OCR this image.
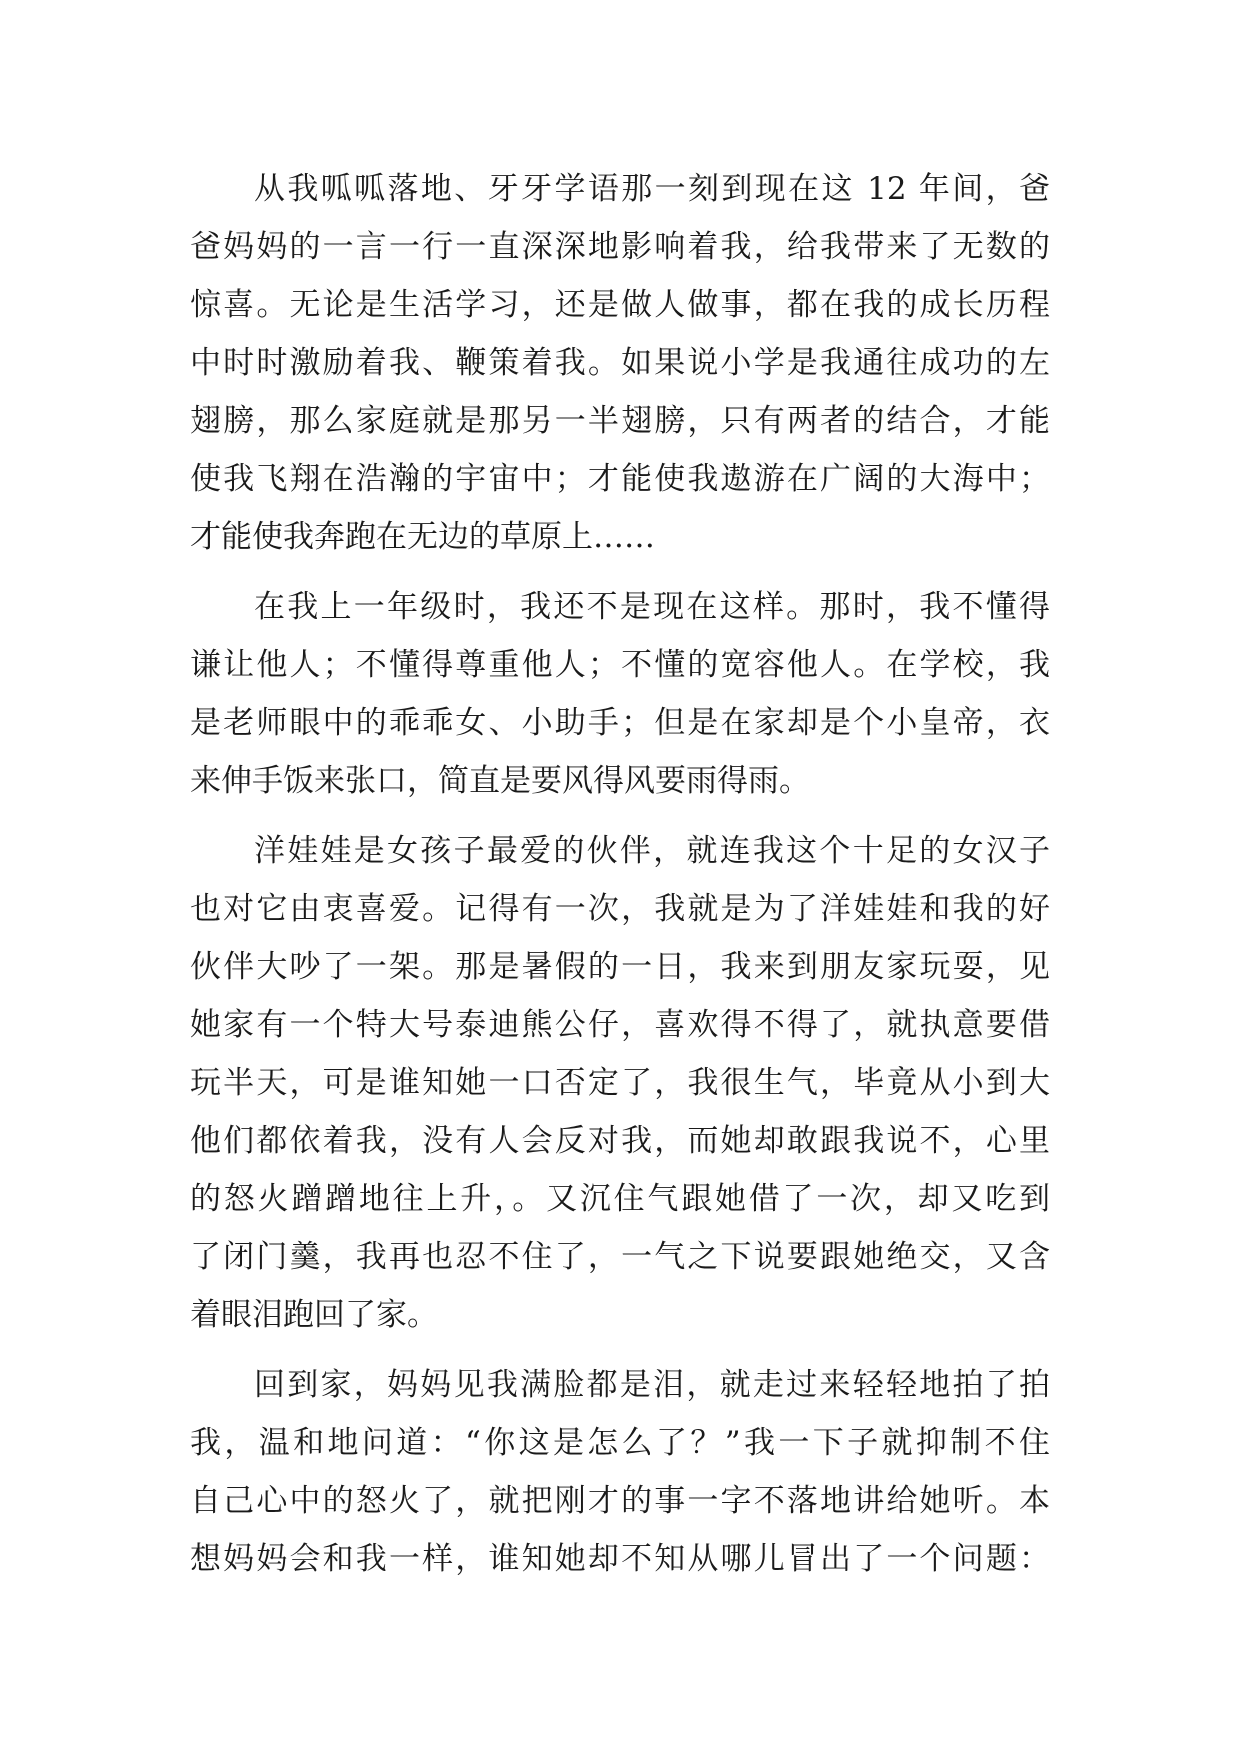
从我呱呱落地、牙牙学语那一刻到现在这 12 年间，爸
爸妈妈的一言一行一直深深地影响着我，给我带来了无数的
惊喜。无论是生活学习，还是做人做事，都在我的成长历程
中时时激励着我、鞭策着我。如果说小学是我通往成功的左
翅膀，那么家庭就是那另一半翅膀，只有两者的结合，才能
使我飞翔在浩瀚的宇宙中；才能使我遨游在广阔的大海中；
才能使我奔跑在无边的草原上……
在我上一年级时，我还不是现在这样。那时，我不懂得
谦让他人；不懂得尊重他人；不懂的宽容他人。在学校，我
是老师眼中的乖乖女、小助手；但是在家却是个小皇帝，衣
来伸手饭来张口，简直是要风得风要雨得雨。
洋娃娃是女孩子最爱的伙伴，就连我这个十足的女汉子
也对它由衷喜爱。记得有一次，我就是为了洋娃娃和我的好
伙伴大吵了一架。那是暑假的一日，我来到朋友家玩耍，见
她家有一个特大号泰迪熊公仔，喜欢得不得了，就执意要借
玩半天，可是谁知她一口否定了，我很生气，毕竟从小到大
他们都依着我，没有人会反对我，而她却敢跟我说不，心里
的怒火蹭蹭地往上升，。又沉住气跟她借了一次，却又吃到
了闭门羹，我再也忍不住了，一气之下说要跟她绝交，又含
着眼泪跑回了家。
回到家，妈妈见我满脸都是泪，就走过来轻轻地拍了拍
我，温和地问道：“你这是怎么了？”我一下子就抑制不住
自己心中的怒火了，就把刚才的事一字不落地讲给她听。本
想妈妈会和我一样，谁知她却不知从哪儿冒出了一个问题：
